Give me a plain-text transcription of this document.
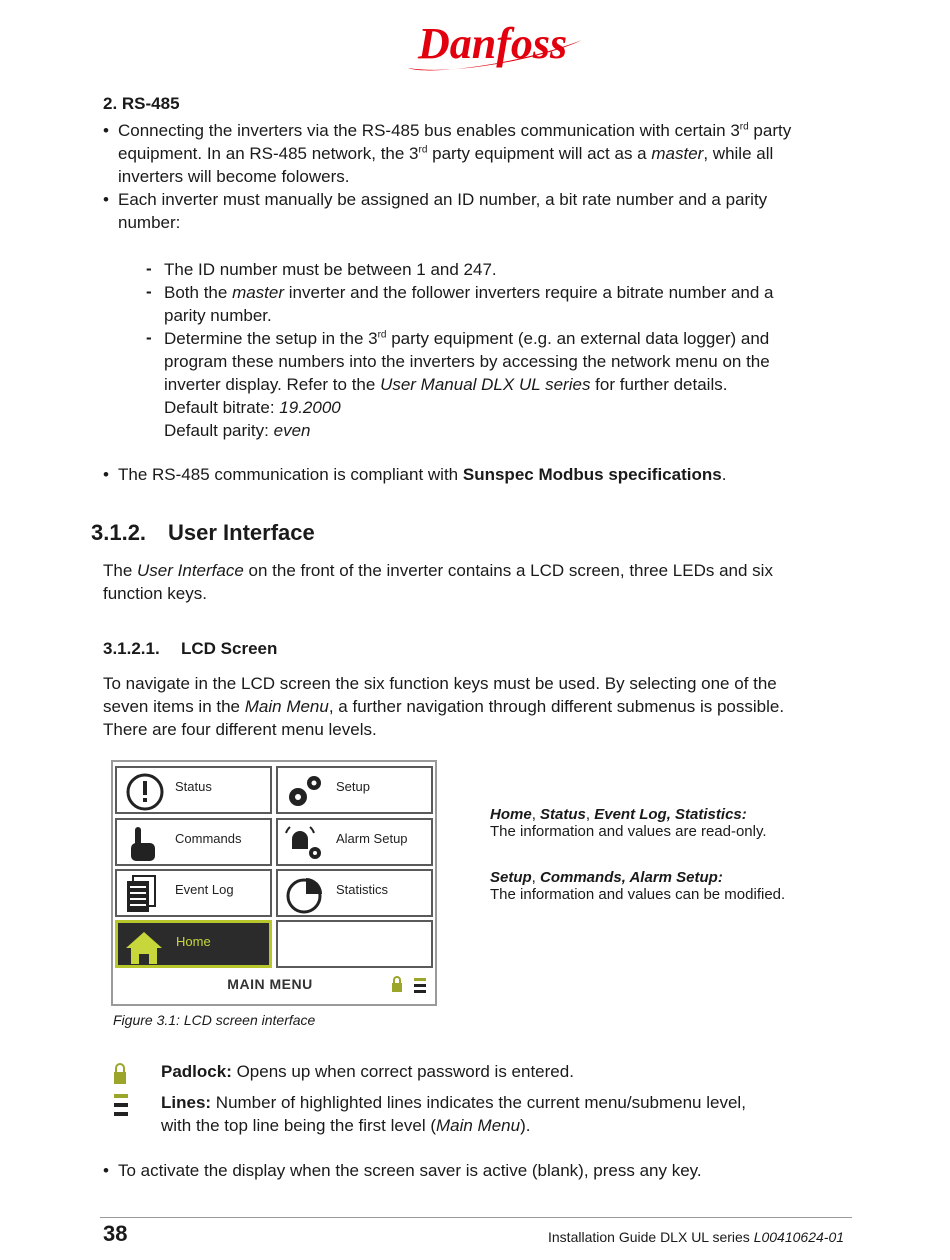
Danfoss
2. RS-485
• Connecting the inverters via the RS-485 bus enables communication with certain 3rd party
equipment. In an RS-485 network, the 3rd party equipment will act as a master, while all
inverters will become folowers.
• Each inverter must manually be assigned an ID number, a bit rate number and a parity
number:
- The ID number must be between 1 and 247.
- Both the master inverter and the follower inverters require a bitrate number and a
parity number.
- Determine the setup in the 3rd party equipment (e.g. an external data logger) and
program these numbers into the inverters by accessing the network menu on the
inverter display. Refer to the User Manual DLX UL series for further details.
Default bitrate: 19.2000
Default parity: even
• The RS-485 communication is compliant with Sunspec Modbus specifications.
3.1.2. User Interface
The User Interface on the front of the inverter contains a LCD screen, three LEDs and six
function keys.
3.1.2.1. LCD Screen
To navigate in the LCD screen the six function keys must be used. By selecting one of the
seven items in the Main Menu, a further navigation through different submenus is possible.
There are four different menu levels.
Status	Setup
Commands	Alarm Setup
Event Log	Statistics
Home
MAIN MENU
Home, Status, Event Log, Statistics:
The information and values are read-only.
Setup, Commands, Alarm Setup:
The information and values can be modified.
Figure 3.1: LCD screen interface
Padlock: Opens up when correct password is entered.
Lines: Number of highlighted lines indicates the current menu/submenu level,
with the top line being the first level (Main Menu).
• To activate the display when the screen saver is active (blank), press any key.
38	Installation Guide DLX UL series L00410624-01
